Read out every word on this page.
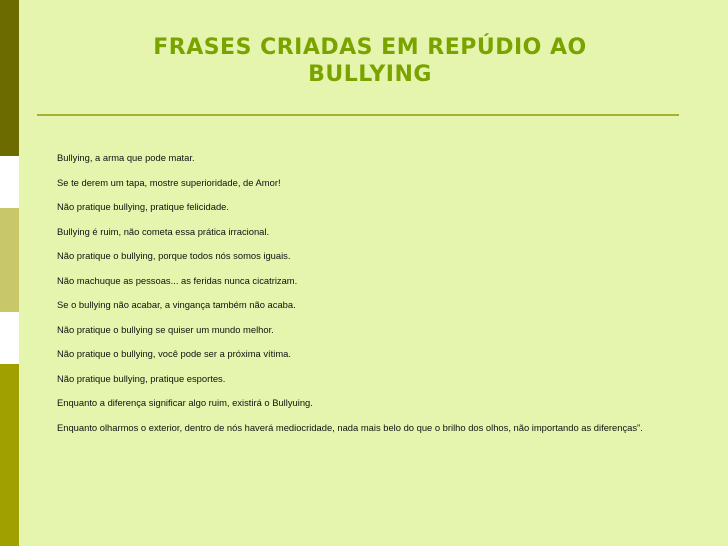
FRASES CRIADAS EM REPÚDIO AO BULLYING
Bullying, a arma que pode matar.
Se te derem um tapa, mostre superioridade, de Amor!
Não pratique bullying, pratique felicidade.
Bullying é ruim, não cometa essa prática irracional.
Não pratique o bullying, porque todos nós somos iguais.
Não machuque as pessoas... as feridas nunca cicatrizam.
Se o bullying não acabar, a vingança também não acaba.
Não pratique o bullying se quiser um mundo melhor.
Não pratique o bullying, você pode ser a próxima vítima.
Não pratique bullying, pratique esportes.
Enquanto a diferença significar algo ruim, existirá o Bullyuing.
Enquanto olharmos o exterior, dentro de nós haverá mediocridade, nada mais belo do que o brilho dos olhos, não importando as diferenças”.
